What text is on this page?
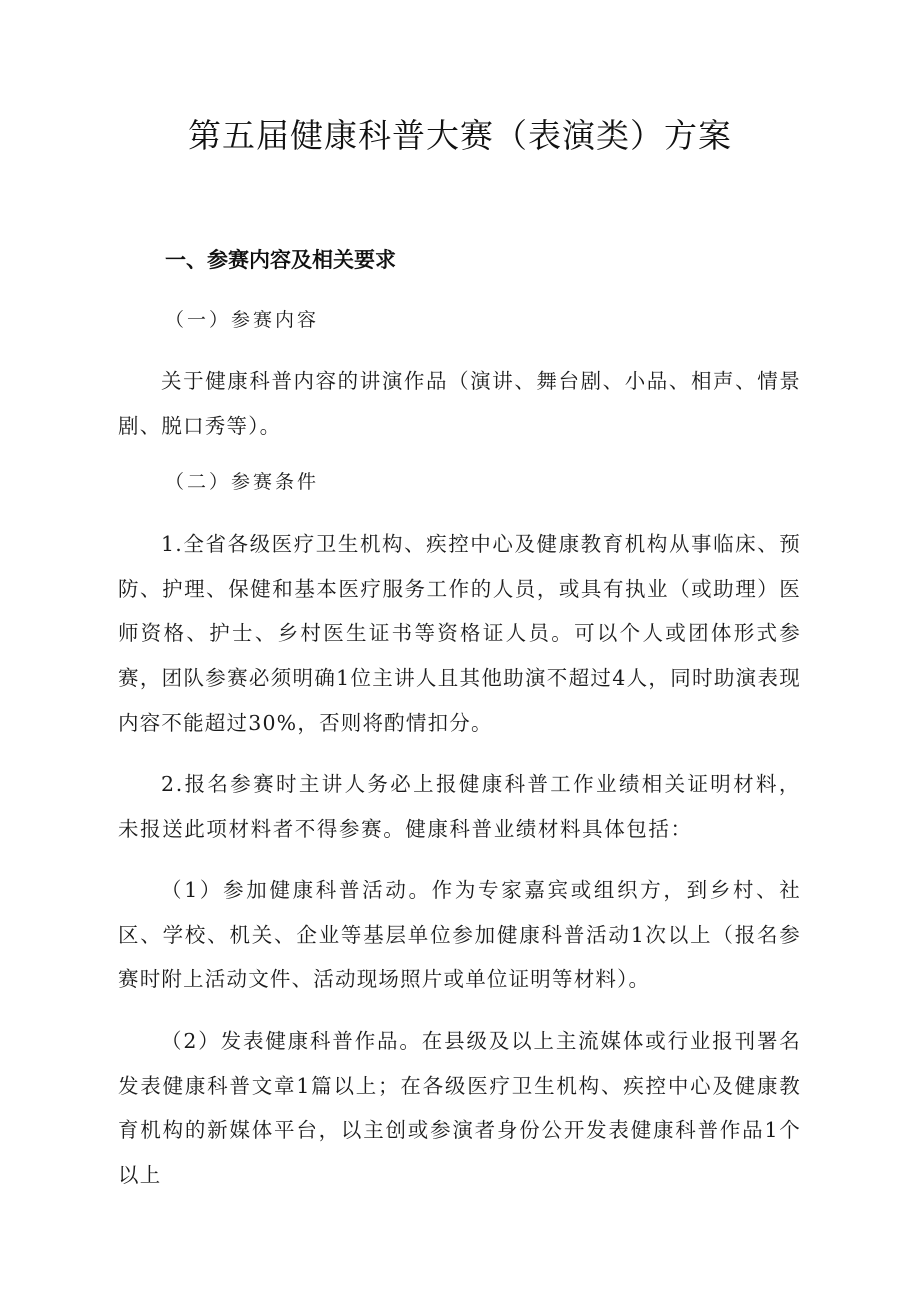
第五届健康科普大赛（表演类）方案
一、参赛内容及相关要求
（一）参赛内容
关于健康科普内容的讲演作品（演讲、舞台剧、小品、相声、情景剧、脱口秀等）。
（二）参赛条件
1.全省各级医疗卫生机构、疾控中心及健康教育机构从事临床、预防、护理、保健和基本医疗服务工作的人员，或具有执业（或助理）医师资格、护士、乡村医生证书等资格证人员。可以个人或团体形式参赛，团队参赛必须明确1位主讲人且其他助演不超过4人，同时助演表现内容不能超过30%，否则将酌情扣分。
2.报名参赛时主讲人务必上报健康科普工作业绩相关证明材料，未报送此项材料者不得参赛。健康科普业绩材料具体包括：
（1）参加健康科普活动。作为专家嘉宾或组织方，到乡村、社区、学校、机关、企业等基层单位参加健康科普活动1次以上（报名参赛时附上活动文件、活动现场照片或单位证明等材料）。
（2）发表健康科普作品。在县级及以上主流媒体或行业报刊署名发表健康科普文章1篇以上；在各级医疗卫生机构、疾控中心及健康教育机构的新媒体平台，以主创或参演者身份公开发表健康科普作品1个以上
